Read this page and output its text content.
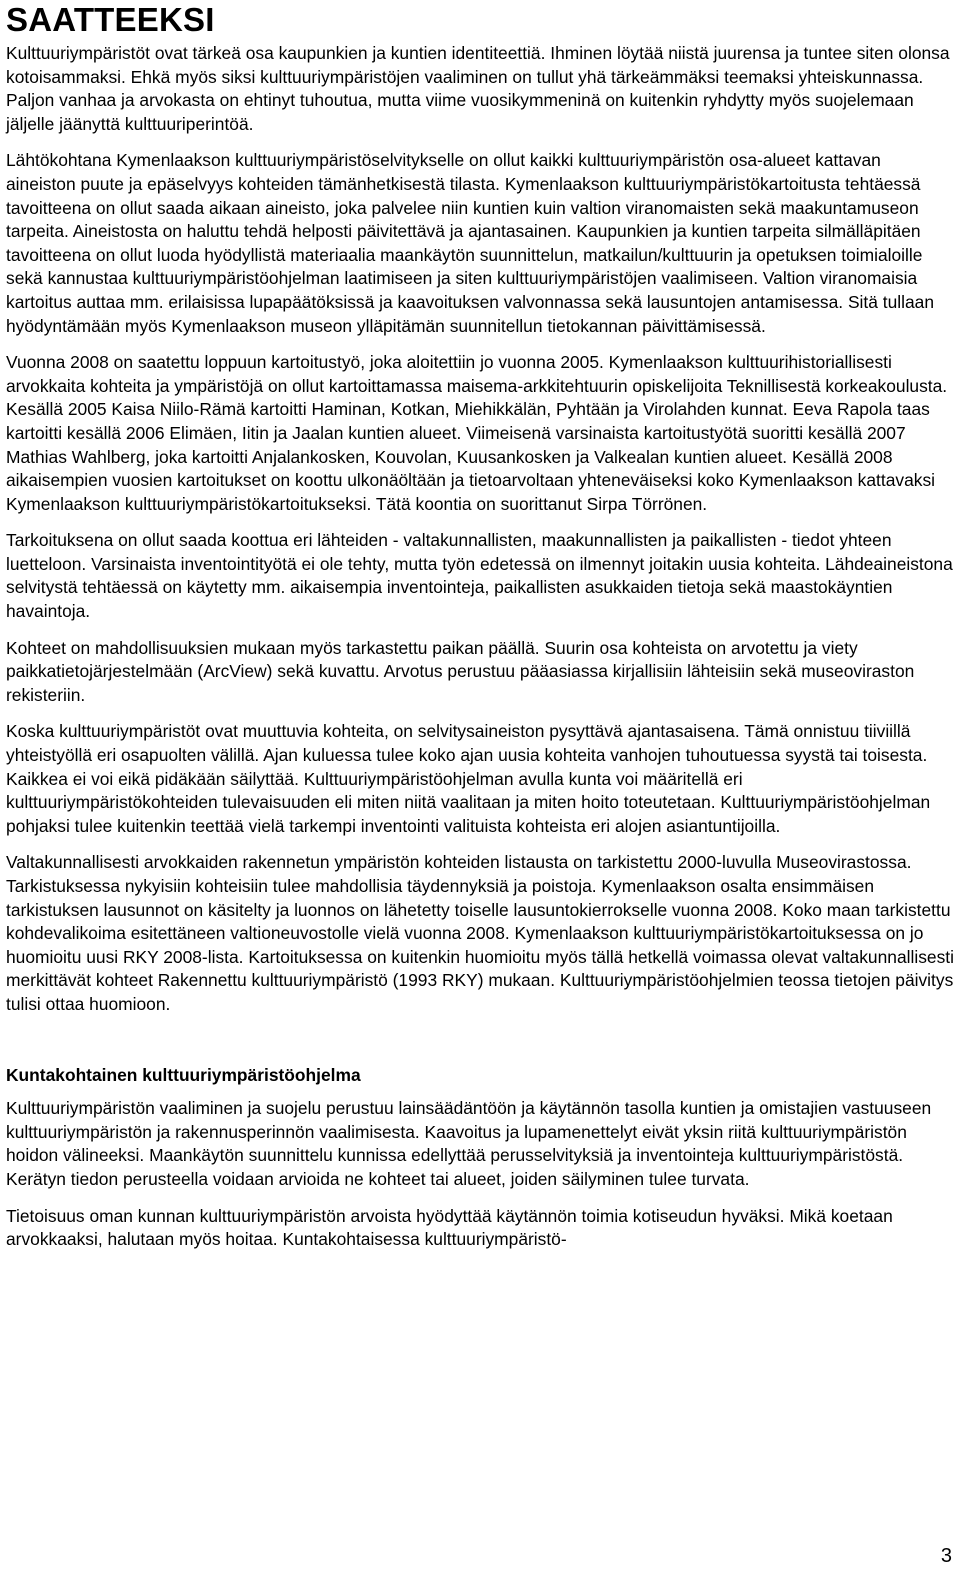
SAATTEEKSI

Kulttuuriympäristöt ovat tärkeä osa kaupunkien ja kuntien identiteettiä. Ihminen löytää niistä juurensa ja tuntee siten olonsa kotoisammaksi. Ehkä myös siksi kulttuuriympäristöjen vaaliminen on tullut yhä tärkeämmäksi teemaksi yhteiskunnassa. Paljon vanhaa ja arvokasta on ehtinyt tuhoutua, mutta viime vuosikymmeninä on kuitenkin ryhdytty myös suojelemaan jäljelle jäänyttä kulttuuriperintöä.

Lähtökohtana Kymenlaakson kulttuuriympäristöselvitykselle on ollut kaikki kulttuuriympäristön osa-alueet kattavan aineiston puute ja epäselvyys kohteiden tämänhetkisestä tilasta. Kymenlaakson kulttuuriympäristökartoitusta tehtäessä tavoitteena on ollut saada aikaan aineisto, joka palvelee niin kuntien kuin valtion viranomaisten sekä maakuntamuseon tarpeita. Aineistosta on haluttu tehdä helposti päivitettävä ja ajantasainen. Kaupunkien ja kuntien tarpeita silmälläpitäen tavoitteena on ollut luoda hyödyllistä materiaalia maankäytön suunnittelun, matkailun/kulttuurin ja opetuksen toimialoille sekä kannustaa kulttuuriympäristöohjelman laatimiseen ja siten kulttuuriympäristöjen vaalimiseen. Valtion viranomaisia kartoitus auttaa mm. erilaisissa lupapäätöksissä ja kaavoituksen valvonnassa sekä lausuntojen antamisessa. Sitä tullaan hyödyntämään myös Kymenlaakson museon ylläpitämän suunnitellun tietokannan päivittämisessä.

Vuonna 2008 on saatettu loppuun kartoitustyö, joka aloitettiin jo vuonna 2005. Kymenlaakson kulttuurihistoriallisesti arvokkaita kohteita ja ympäristöjä on ollut kartoittamassa maisema-arkkitehtuurin opiskelijoita Teknillisestä korkeakoulusta. Kesällä 2005 Kaisa Niilo-Rämä kartoitti Haminan, Kotkan, Miehikkälän, Pyhtään ja Virolahden kunnat. Eeva Rapola taas kartoitti kesällä 2006 Elimäen, Iitin ja Jaalan kuntien alueet. Viimeisenä varsinaista kartoitustyötä suoritti kesällä 2007 Mathias Wahlberg, joka kartoitti Anjalankosken, Kouvolan, Kuusankosken ja Valkealan kuntien alueet. Kesällä 2008 aikaisempien vuosien kartoitukset on koottu ulkonäöltään ja tietoarvoltaan yhteneväiseksi koko Kymenlaakson kattavaksi Kymenlaakson kulttuuriympäristökartoitukseksi. Tätä koontia on suorittanut Sirpa Törrönen.

Tarkoituksena on ollut saada koottua eri lähteiden - valtakunnallisten, maakunnallisten ja paikallisten - tiedot yhteen luetteloon. Varsinaista inventointityötä ei ole tehty, mutta työn edetessä on ilmennyt joitakin uusia kohteita. Lähdeaineistona selvitystä tehtäessä on käytetty mm. aikaisempia inventointeja, paikallisten asukkaiden tietoja sekä maastokäyntien havaintoja.

Kohteet on mahdollisuuksien mukaan myös tarkastettu paikan päällä. Suurin osa kohteista on arvotettu ja viety paikkatietojärjestelmään (ArcView) sekä kuvattu. Arvotus perustuu pääasiassa kirjallisiin lähteisiin sekä museoviraston rekisteriin.

Koska kulttuuriympäristöt ovat muuttuvia kohteita, on selvitysaineiston pysyttävä ajantasaisena. Tämä onnistuu tiiviillä yhteistyöllä eri osapuolten välillä. Ajan kuluessa tulee koko ajan uusia kohteita vanhojen tuhoutuessa syystä tai toisesta. Kaikkea ei voi eikä pidäkään säilyttää. Kulttuuriympäristöohjelman avulla kunta voi määritellä eri kulttuuriympäristökohteiden tulevaisuuden eli miten niitä vaalitaan ja miten hoito toteutetaan. Kulttuuriympäristöohjelman pohjaksi tulee kuitenkin teettää vielä tarkempi inventointi valituista kohteista eri alojen asiantuntijoilla.

Valtakunnallisesti arvokkaiden rakennetun ympäristön kohteiden listausta on tarkistettu 2000-luvulla Museovirastossa. Tarkistuksessa nykyisiin kohteisiin tulee mahdollisia täydennyksiä ja poistoja. Kymenlaakson osalta ensimmäisen tarkistuksen lausunnot on käsitelty ja luonnos on lähetetty toiselle lausuntokierrokselle vuonna 2008. Koko maan tarkistettu kohdevalikoima esitettäneen valtioneuvostolle vielä vuonna 2008. Kymenlaakson kulttuuriympäristökartoituksessa on jo huomioitu uusi RKY 2008-lista. Kartoituksessa on kuitenkin huomioitu myös tällä hetkellä voimassa olevat valtakunnallisesti merkittävät kohteet Rakennettu kulttuuriympäristö (1993 RKY) mukaan. Kulttuuriympäristöohjelmien teossa tietojen päivitys tulisi ottaa huomioon.

Kuntakohtainen kulttuuriympäristöohjelma

Kulttuuriympäristön vaaliminen ja suojelu perustuu lainsäädäntöön ja käytännön tasolla kuntien ja omistajien vastuuseen kulttuuriympäristön ja rakennusperinnön vaalimisesta. Kaavoitus ja lupamenettelyt eivät yksin riitä kulttuuriympäristön hoidon välineeksi. Maankäytön suunnittelu kunnissa edellyttää perusselvityksiä ja inventointeja kulttuuriympäristöstä. Kerätyn tiedon perusteella voidaan arvioida ne kohteet tai alueet, joiden säilyminen tulee turvata.

Tietoisuus oman kunnan kulttuuriympäristön arvoista hyödyttää käytännön toimia kotiseudun hyväksi. Mikä koetaan arvokkaaksi, halutaan myös hoitaa. Kuntakohtaisessa kulttuuriympäristö-

3
